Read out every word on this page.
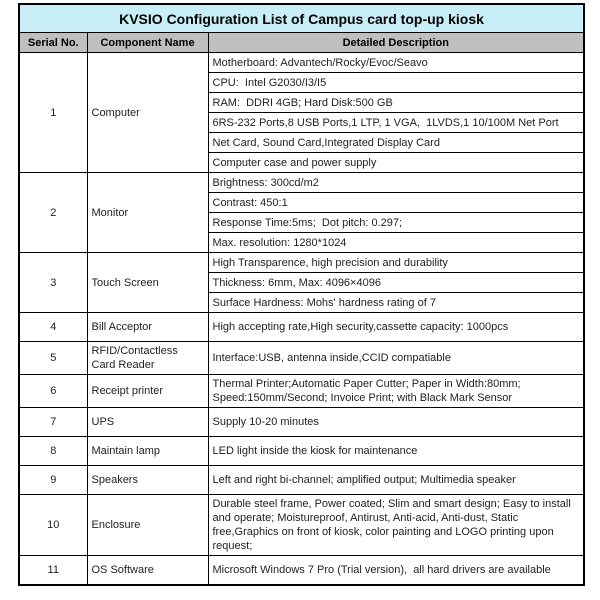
KVSIO Configuration List of Campus card top-up kiosk		
Serial No.	Component Name	Detailed Description
1	Computer	Motherboard: Advantech/Rocky/Evoc/Seavo
		CPU:  Intel G2030/I3/I5
		RAM:  DDRI 4GB; Hard Disk:500 GB
		6RS-232 Ports,8 USB Ports,1 LTP, 1 VGA,  1LVDS,1 10/100M Net Port
		Net Card, Sound Card,Integrated Display Card
		Computer case and power supply
2	Monitor	Brightness: 300cd/m2
		Contrast: 450:1
		Response Time:5ms;  Dot pitch: 0.297;
		Max. resolution: 1280*1024
3	Touch Screen	High Transparence, high precision and durability
		Thickness: 6mm, Max: 4096×4096
		Surface Hardness: Mohs' hardness rating of 7
4	Bill Acceptor	High accepting rate,High security,cassette capacity: 1000pcs
5	RFID/Contactless Card Reader	Interface:USB, antenna inside,CCID compatiable
6	Receipt printer	Thermal Printer;Automatic Paper Cutter; Paper in Width:80mm; Speed:150mm/Second; Invoice Print; with Black Mark Sensor
7	UPS	Supply 10-20 minutes
8	Maintain lamp	LED light inside the kiosk for maintenance
9	Speakers	Left and right bi-channel; amplified output; Multimedia speaker
10	Enclosure	Durable steel frame, Power coated; Slim and smart design; Easy to install and operate; Moistureproof, Antirust, Anti-acid, Anti-dust, Static free,Graphics on front of kiosk, color painting and LOGO printing upon request;
11	OS Software	Microsoft Windows 7 Pro (Trial version),  all hard drivers are available
